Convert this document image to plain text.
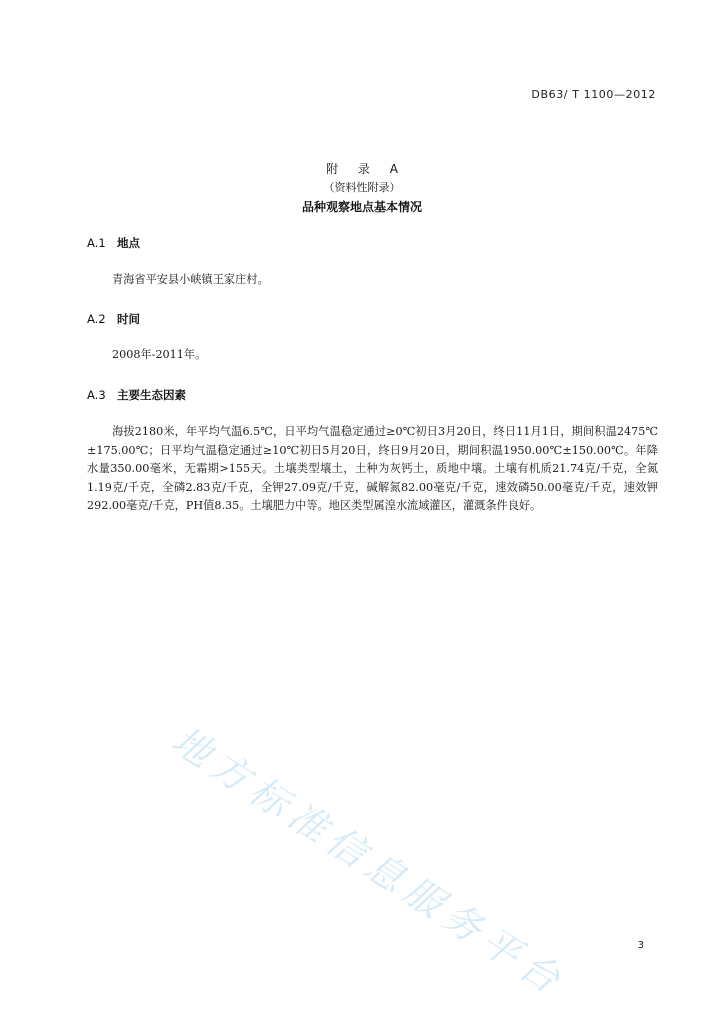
DB63/ T 1100—2012
附 录 A
（资料性附录）
品种观察地点基本情况
A.1 地点
青海省平安县小峡镇王家庄村。
A.2 时间
2008年-2011年。
A.3 主要生态因素
海拔2180米，年平均气温6.5℃，日平均气温稳定通过≥0℃初日3月20日，终日11月1日，期间积温2475℃±175.00℃；日平均气温稳定通过≥10℃初日5月20日，终日9月20日，期间积温1950.00℃±150.00℃。年降水量350.00毫米，无霜期>155天。土壤类型壤土，土种为灰钙土，质地中壤。土壤有机质21.74克/千克，全氮1.19克/千克，全磷2.83克/千克，全钾27.09克/千克，碱解氮82.00毫克/千克，速效磷50.00毫克/千克，速效钾292.00毫克/千克，PH值8.35。土壤肥力中等。地区类型属湟水流域灌区，灌溉条件良好。
地方标准信息服务平台	3
